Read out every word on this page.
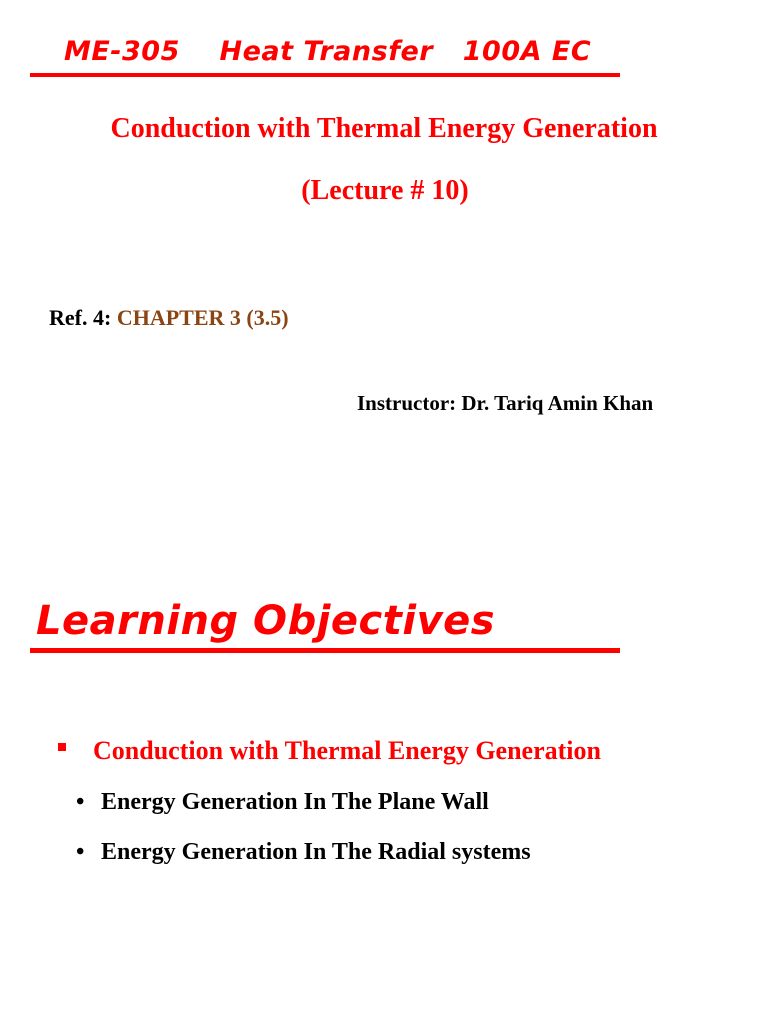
ME-305    Heat Transfer   100A EC
Conduction with Thermal Energy Generation
(Lecture # 10)
Ref. 4: CHAPTER 3 (3.5)
Instructor: Dr. Tariq Amin Khan
Learning Objectives
Conduction with Thermal Energy Generation
• Energy Generation In The Plane Wall
• Energy Generation In The Radial systems
